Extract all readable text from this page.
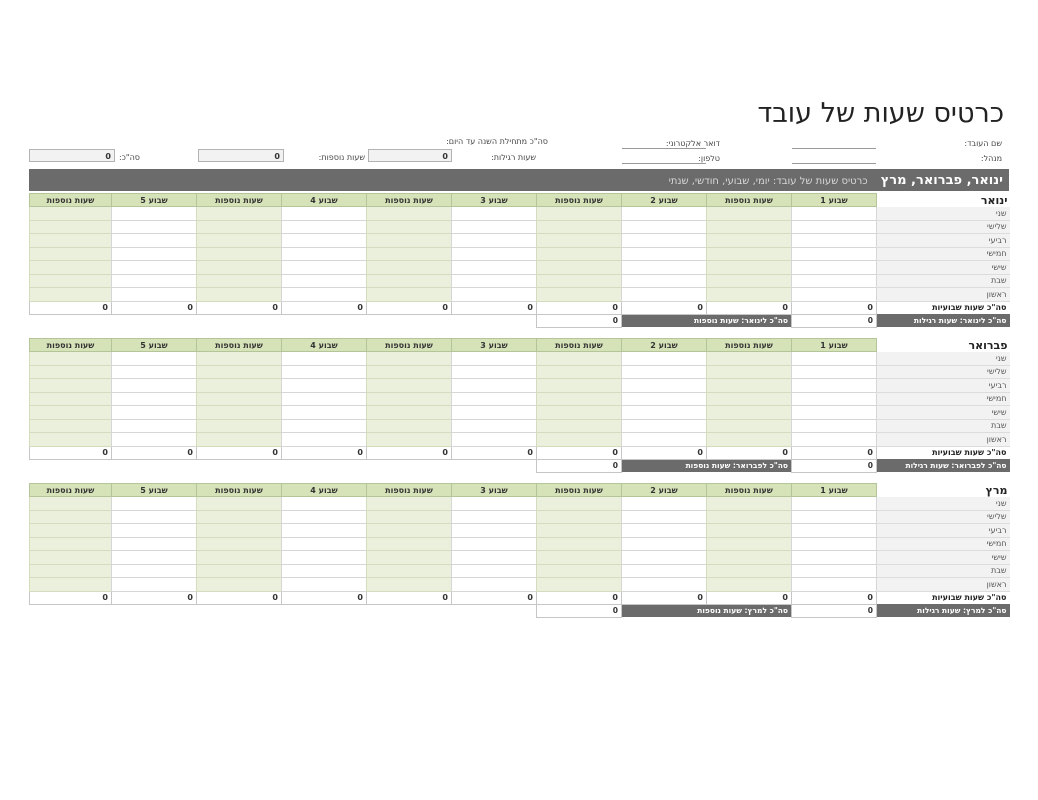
כרטיס שעות של עובד
שם העובד:
מנהל:
דואר אלקטרוני:
טלפון:
סה"כ מתחילת השנה עד היום:
שעות רגילות:
0
שעות נוספות:
0
סה"כ:
0
ינואר, פברואר, מרץ כרטיס שעות של עובד: יומי, שבועי, חודשי, שנתי
ינואר	שבוע 1	שעות נוספות	שבוע 2	שעות נוספות	שבוע 3	שעות נוספות	שבוע 4	שעות נוספות	שבוע 5	שעות נוספות
שני										
שלישי										
רביעי										
חמישי										
שישי										
שבת										
ראשון										
סה"כ שעות שבועיות	0	0	0	0	0	0	0	0	0	0
סה"כ לינואר: שעות רגילות	0	סה"כ לינואר: שעות נוספות		0						
פברואר	שבוע 1	שעות נוספות	שבוע 2	שעות נוספות	שבוע 3	שעות נוספות	שבוע 4	שעות נוספות	שבוע 5	שעות נוספות
שני										
שלישי										
רביעי										
חמישי										
שישי										
שבת										
ראשון										
סה"כ שעות שבועיות	0	0	0	0	0	0	0	0	0	0
סה"כ לפברואר: שעות רגילות	0	סה"כ לפברואר: שעות נוספות		0						
מרץ	שבוע 1	שעות נוספות	שבוע 2	שעות נוספות	שבוע 3	שעות נוספות	שבוע 4	שעות נוספות	שבוע 5	שעות נוספות
שני										
שלישי										
רביעי										
חמישי										
שישי										
שבת										
ראשון										
סה"כ שעות שבועיות	0	0	0	0	0	0	0	0	0	0
סה"כ למרץ: שעות רגילות	0	סה"כ למרץ: שעות נוספות		0						
